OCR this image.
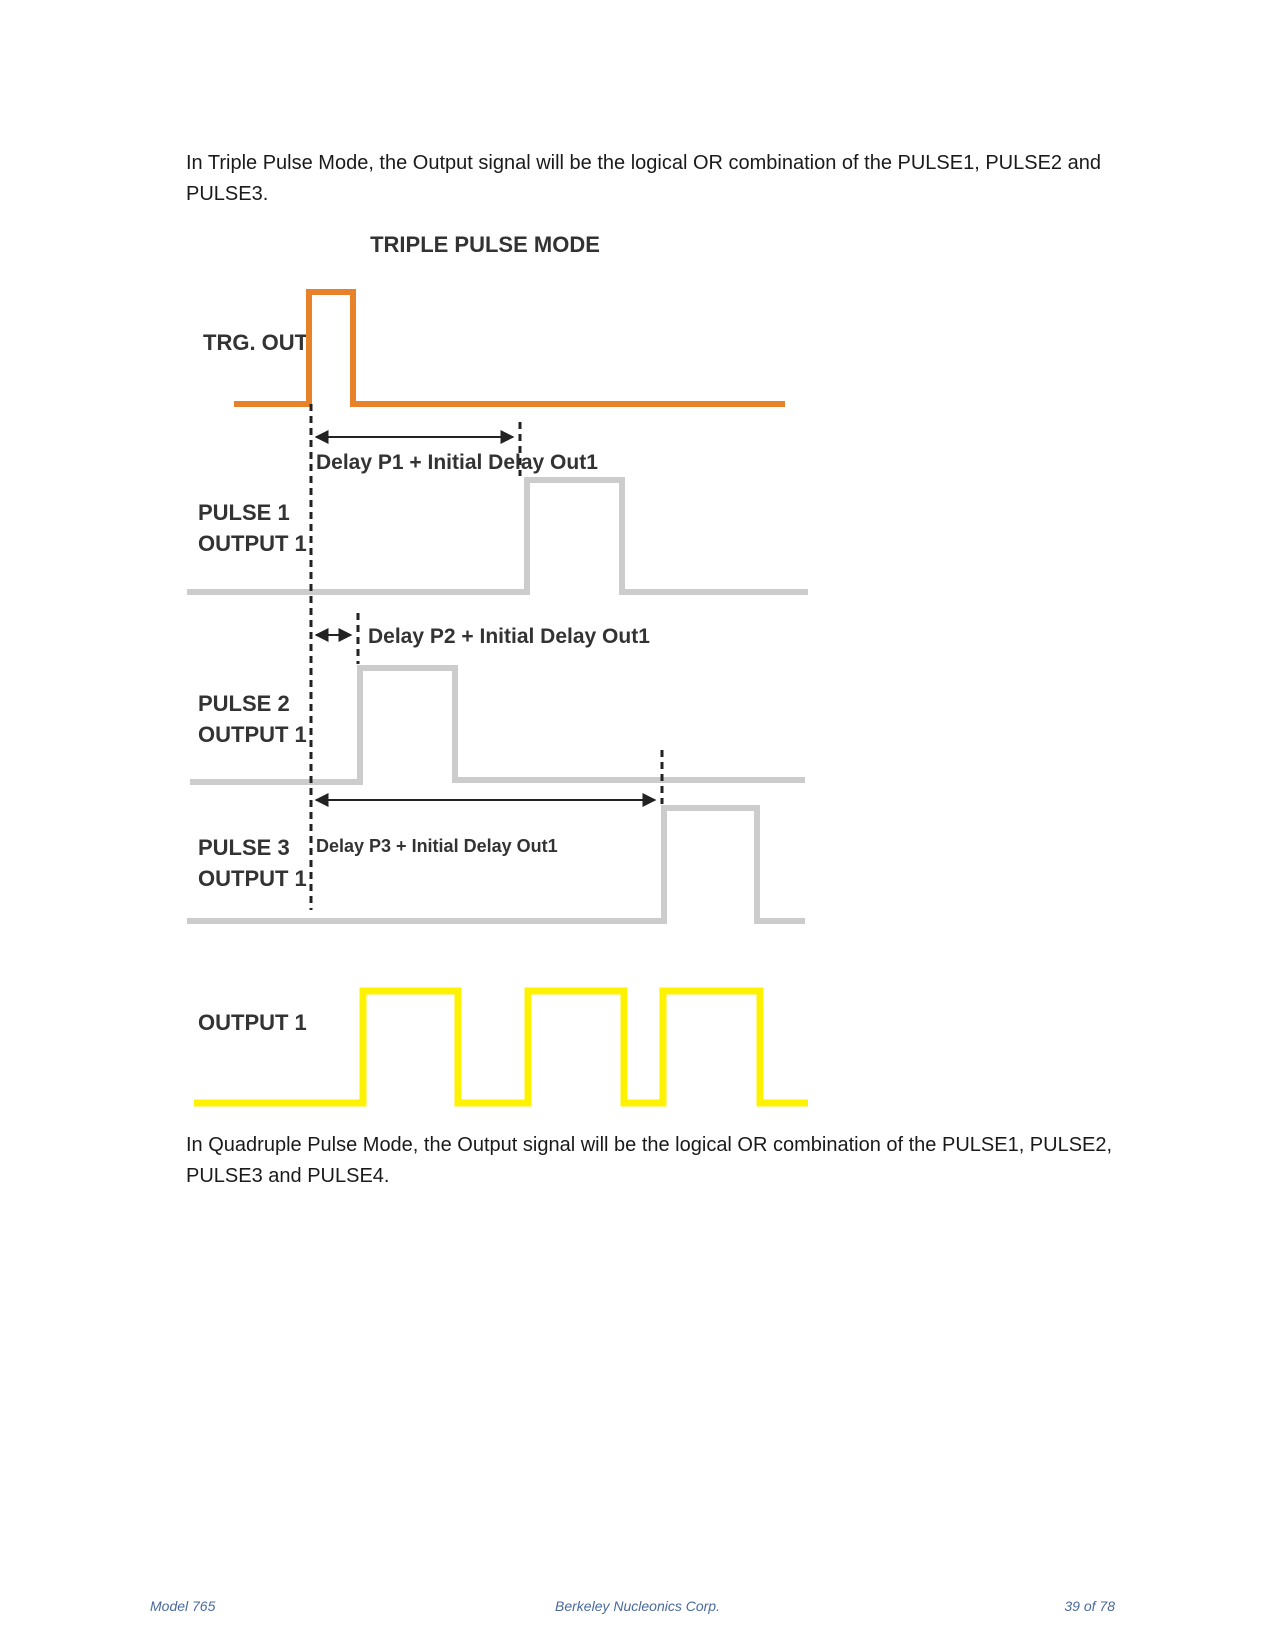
In Triple Pulse Mode, the Output signal will be the logical OR combination of the PULSE1, PULSE2 and PULSE3.

TRIPLE PULSE MODE
TRG. OUT
PULSE 1
OUTPUT 1
PULSE 2
OUTPUT 1
PULSE 3
OUTPUT 1
OUTPUT 1
Delay P1 + Initial Delay Out1
Delay P2 + Initial Delay Out1
Delay P3 + Initial Delay Out1

In Quadruple Pulse Mode, the Output signal will be the logical OR combination of the PULSE1, PULSE2, PULSE3 and PULSE4.

Model 765	Berkeley Nucleonics Corp.	39 of 78
